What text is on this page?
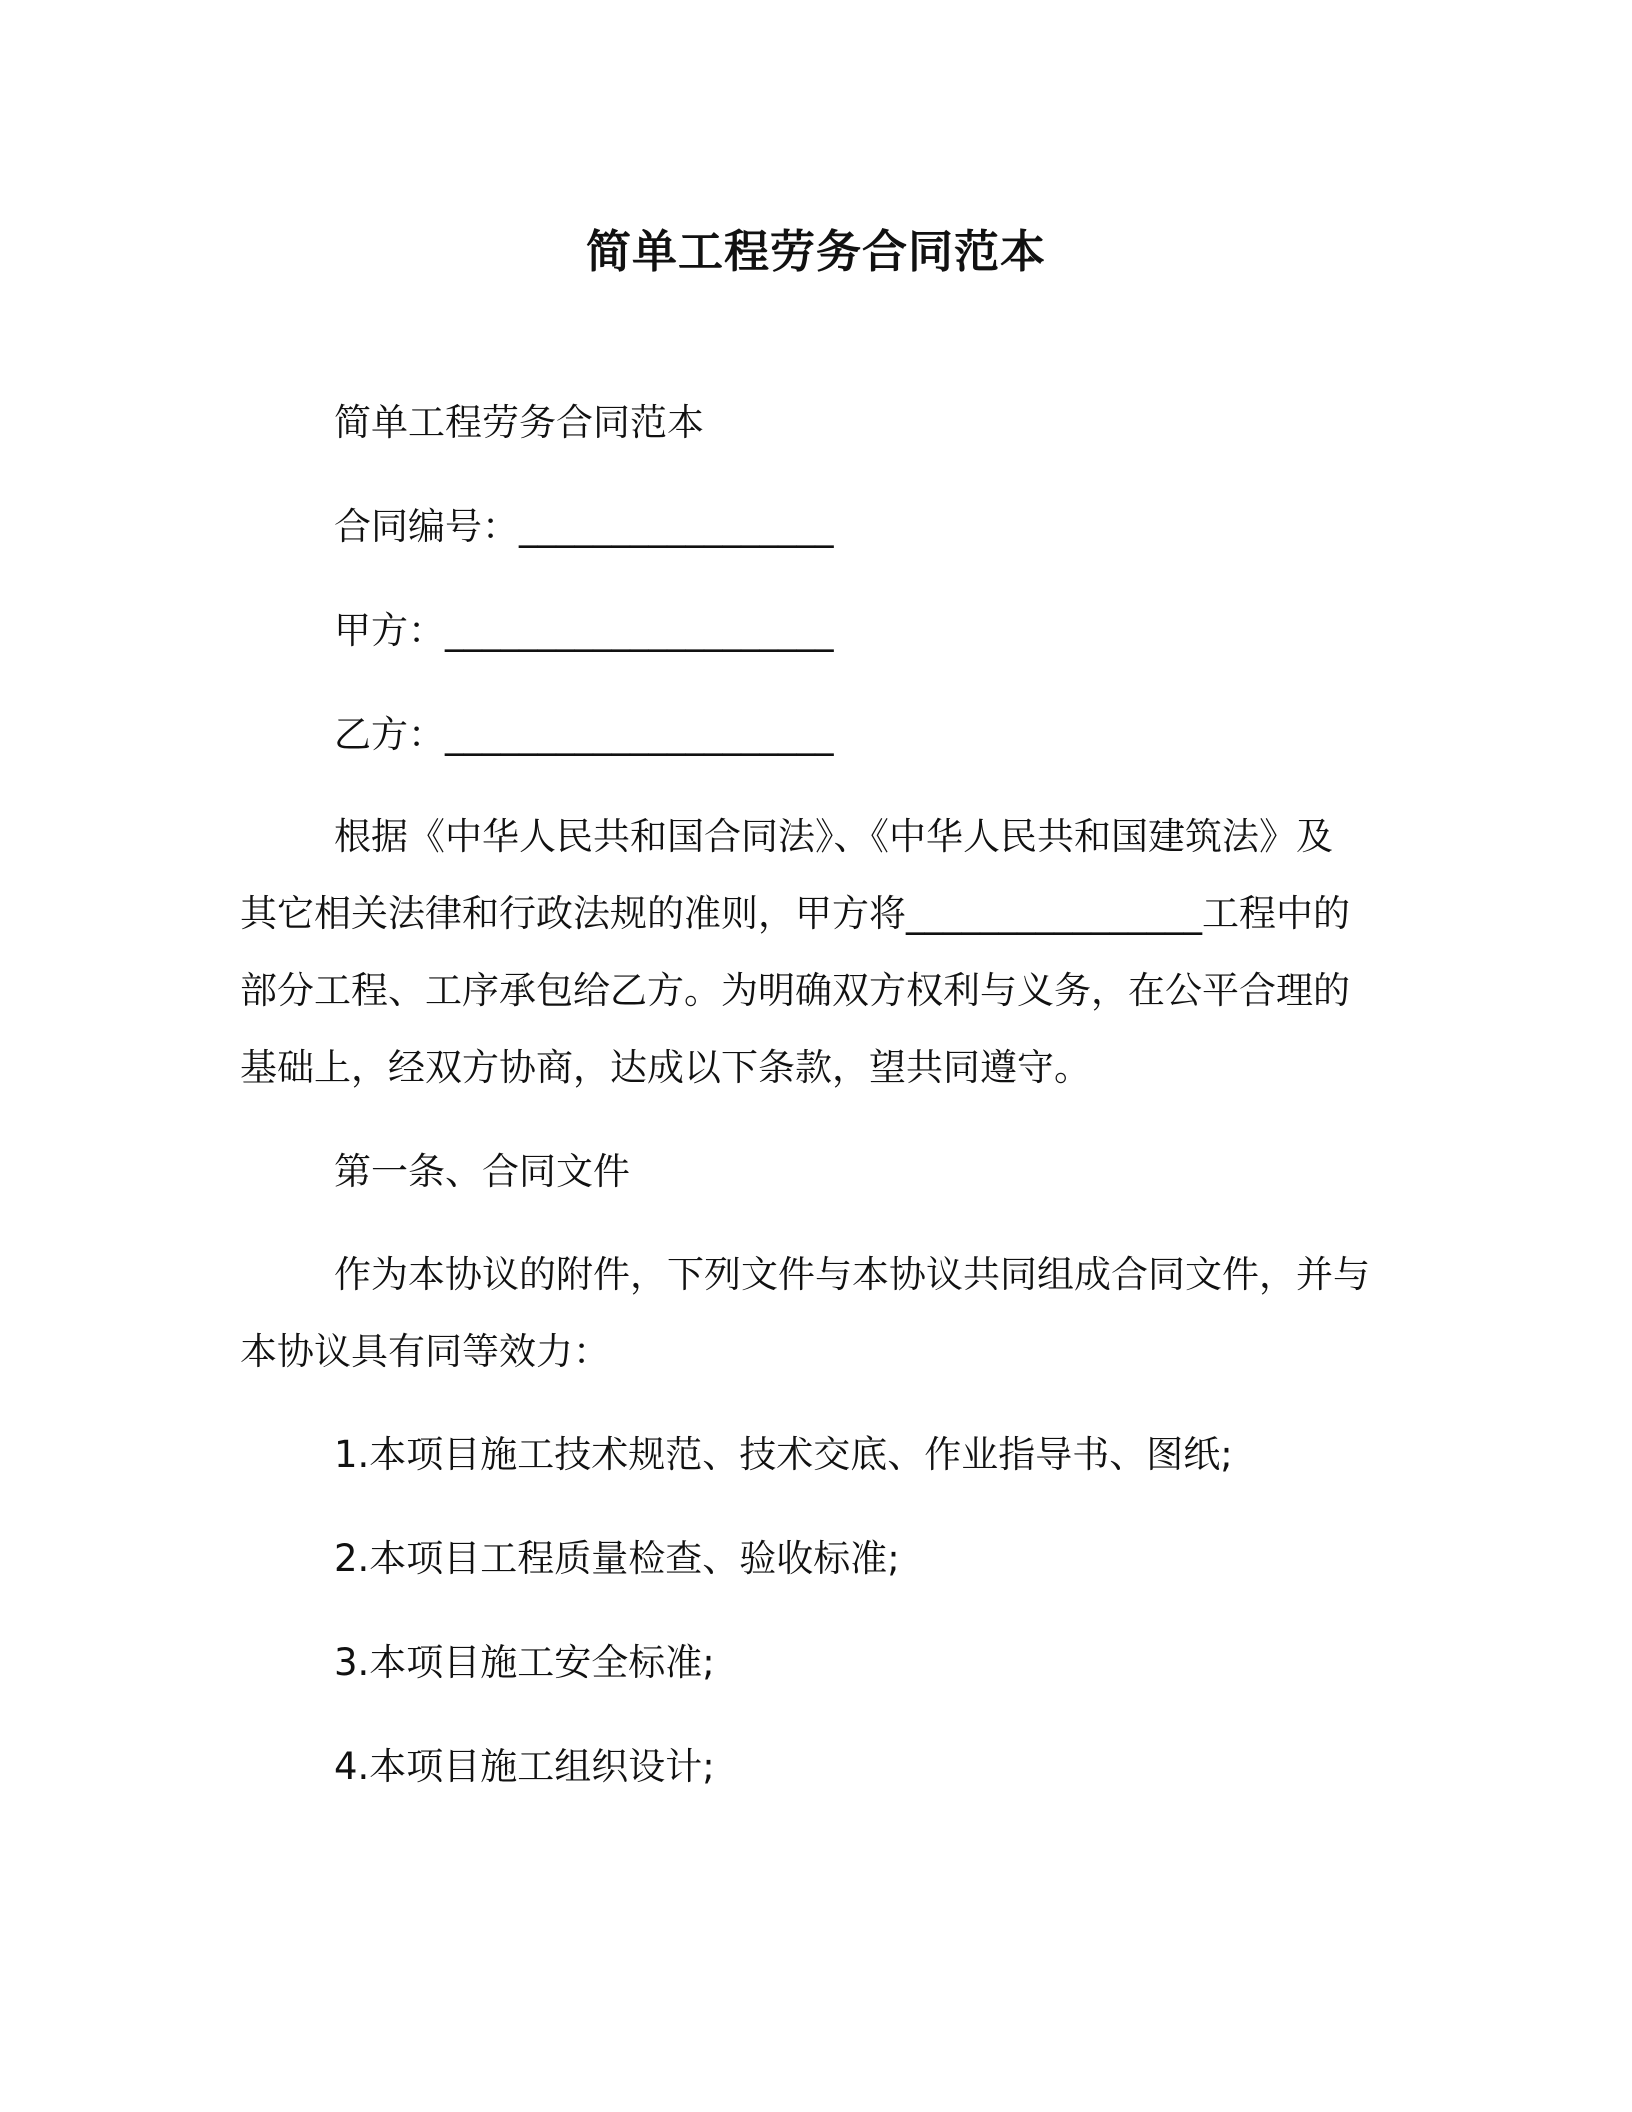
简单工程劳务合同范本
简单工程劳务合同范本
合同编号：_________________
甲方：_____________________
乙方：_____________________
根据《中华人民共和国合同法》、《中华人民共和国建筑法》及
其它相关法律和行政法规的准则，甲方将________________工程中的
部分工程、工序承包给乙方。为明确双方权利与义务，在公平合理的
基础上，经双方协商，达成以下条款，望共同遵守。
第一条、合同文件
作为本协议的附件，下列文件与本协议共同组成合同文件，并与
本协议具有同等效力：
1.本项目施工技术规范、技术交底、作业指导书、图纸;
2.本项目工程质量检查、验收标准;
3.本项目施工安全标准;
4.本项目施工组织设计;
